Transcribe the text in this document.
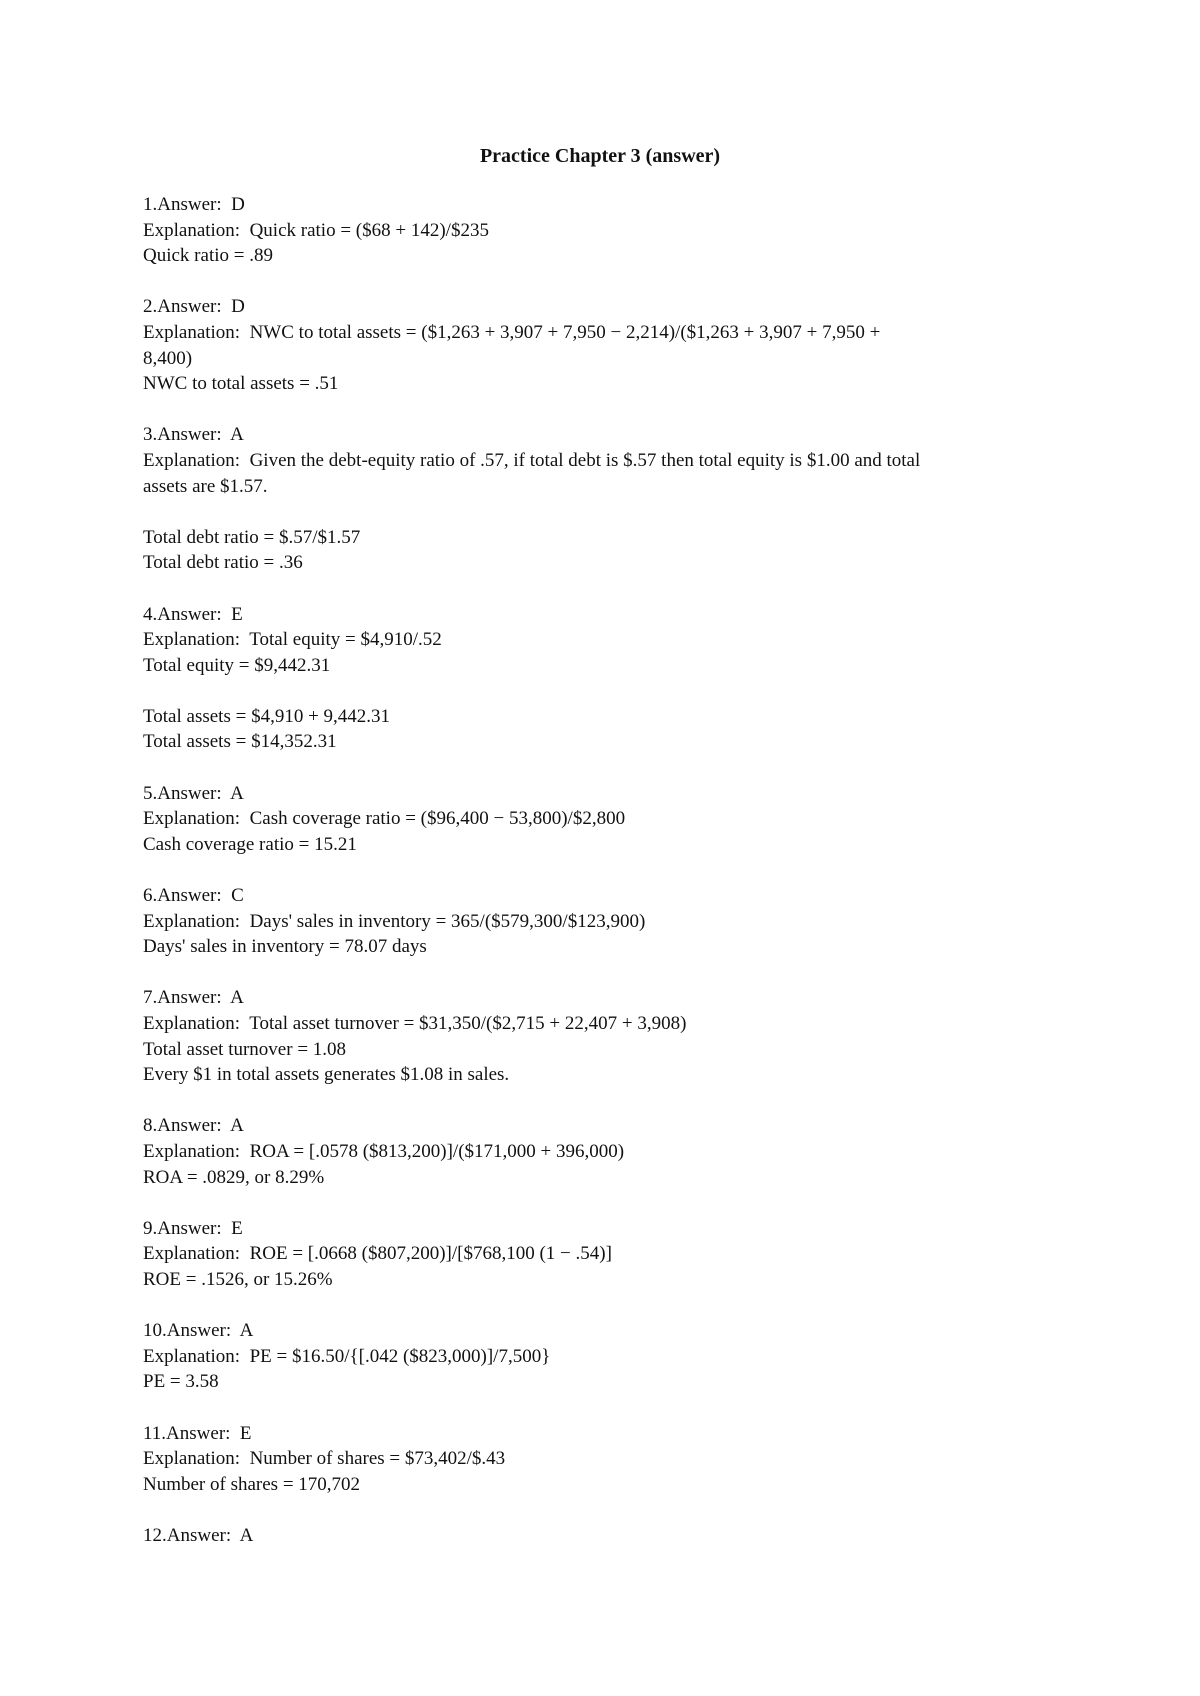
Practice Chapter 3 (answer)
1.Answer:  D
Explanation:  Quick ratio = ($68 + 142)/$235
Quick ratio = .89
2.Answer:  D
Explanation:  NWC to total assets = ($1,263 + 3,907 + 7,950 − 2,214)/($1,263 + 3,907 + 7,950 +
8,400)
NWC to total assets = .51
3.Answer:  A
Explanation:  Given the debt-equity ratio of .57, if total debt is $.57 then total equity is $1.00 and total
assets are $1.57.
Total debt ratio = $.57/$1.57
Total debt ratio = .36
4.Answer:  E
Explanation:  Total equity = $4,910/.52
Total equity = $9,442.31
Total assets = $4,910 + 9,442.31
Total assets = $14,352.31
5.Answer:  A
Explanation:  Cash coverage ratio = ($96,400 − 53,800)/$2,800
Cash coverage ratio = 15.21
6.Answer:  C
Explanation:  Days' sales in inventory = 365/($579,300/$123,900)
Days' sales in inventory = 78.07 days
7.Answer:  A
Explanation:  Total asset turnover = $31,350/($2,715 + 22,407 + 3,908)
Total asset turnover = 1.08
Every $1 in total assets generates $1.08 in sales.
8.Answer:  A
Explanation:  ROA = [.0578 ($813,200)]/($171,000 + 396,000)
ROA = .0829, or 8.29%
9.Answer:  E
Explanation:  ROE = [.0668 ($807,200)]/[$768,100 (1 − .54)]
ROE = .1526, or 15.26%
10.Answer:  A
Explanation:  PE = $16.50/{[.042 ($823,000)]/7,500}
PE = 3.58
11.Answer:  E
Explanation:  Number of shares = $73,402/$.43
Number of shares = 170,702
12.Answer:  A
